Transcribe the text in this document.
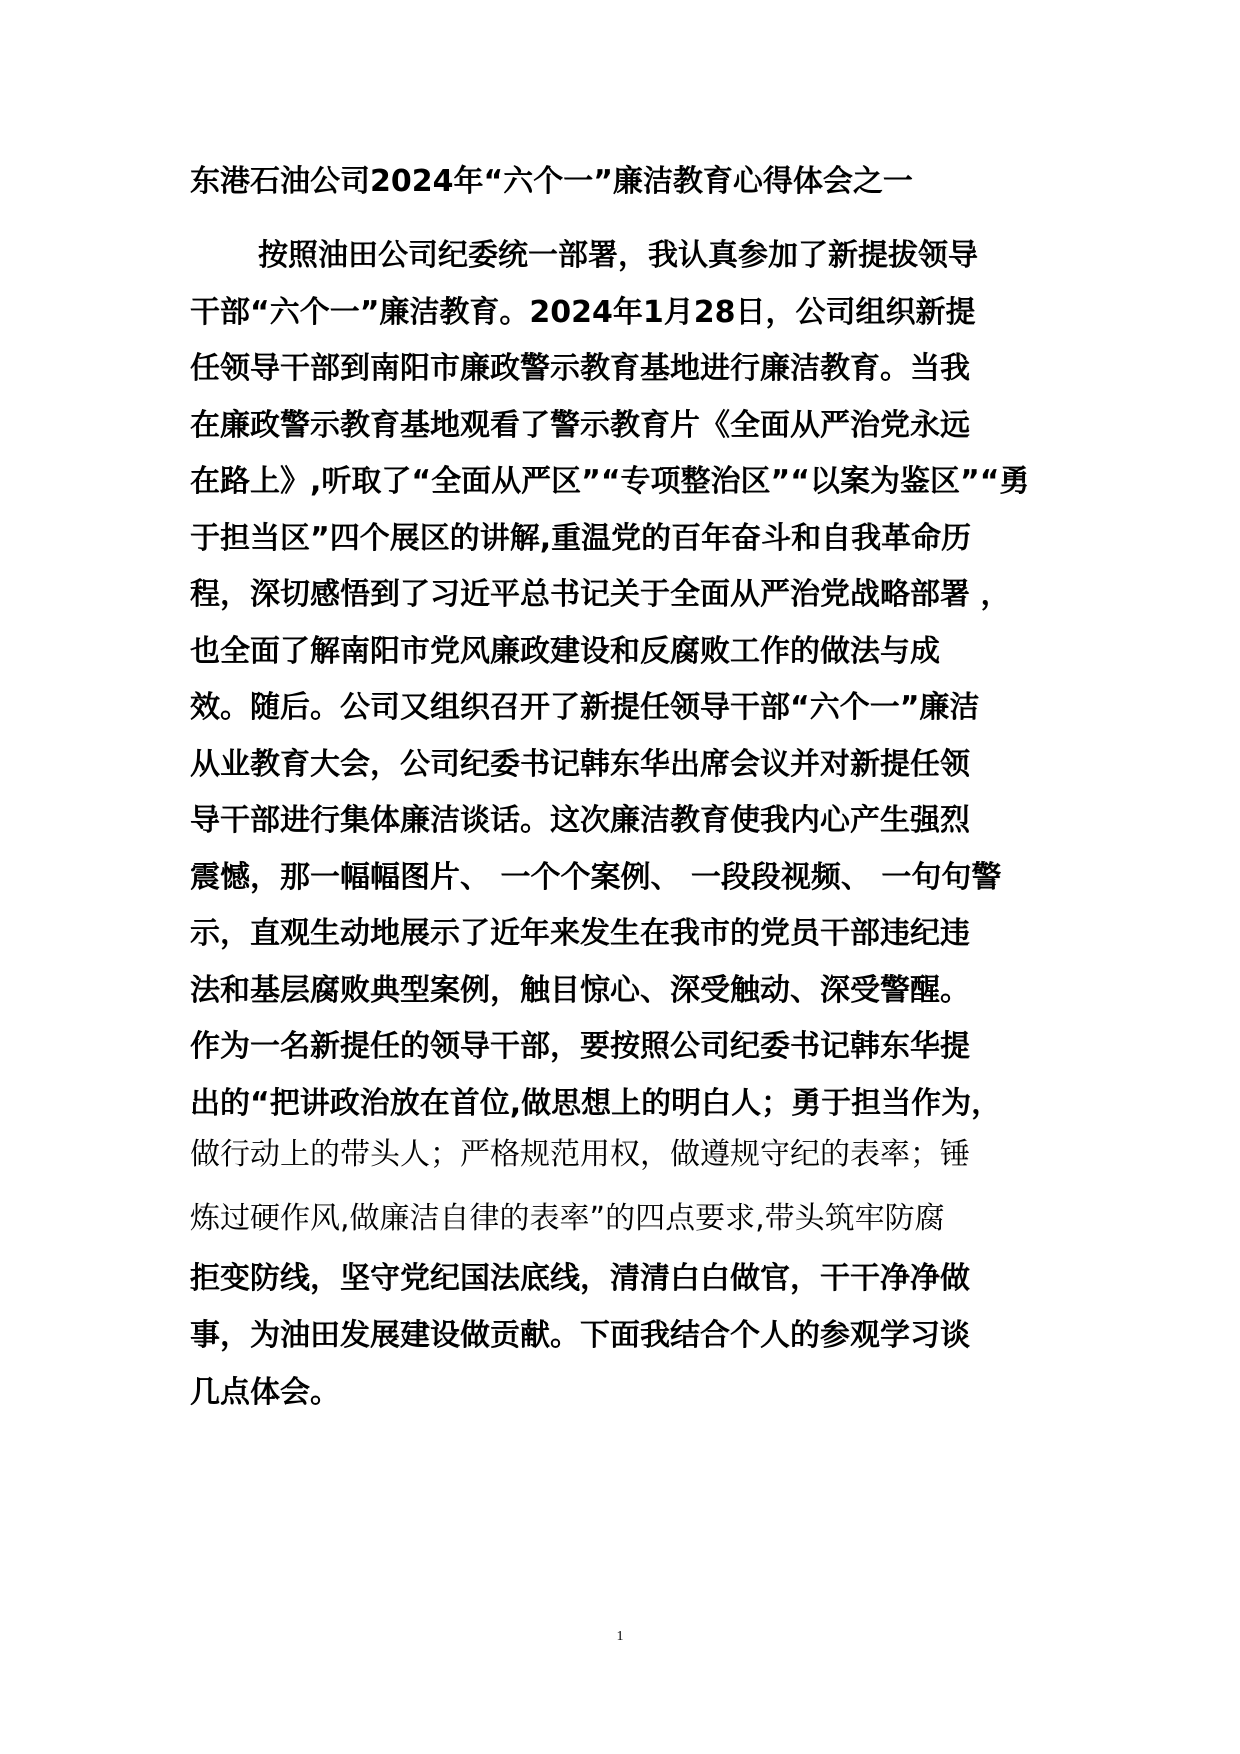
东港石油公司2024年“六个一”廉洁教育心得体会之一
按照油田公司纪委统一部署，我认真参加了新提拔领导
干部“六个一”廉洁教育。2024年1月28日，公司组织新提
任领导干部到南阳市廉政警示教育基地进行廉洁教育。当我
在廉政警示教育基地观看了警示教育片《全面从严治党永远
在路上》,听取了“全面从严区”“专项整治区”“以案为鉴区”“勇
于担当区”四个展区的讲解,重温党的百年奋斗和自我革命历
程，深切感悟到了习近平总书记关于全面从严治党战略部署 ，
也全面了解南阳市党风廉政建设和反腐败工作的做法与成
效。随后。公司又组织召开了新提任领导干部“六个一”廉洁
从业教育大会，公司纪委书记韩东华出席会议并对新提任领
导干部进行集体廉洁谈话。这次廉洁教育使我内心产生强烈
震憾，那一幅幅图片、 一个个案例、 一段段视频、 一句句警
示，直观生动地展示了近年来发生在我市的党员干部违纪违
法和基层腐败典型案例，触目惊心、深受触动、深受警醒。
作为一名新提任的领导干部，要按照公司纪委书记韩东华提
出的“把讲政治放在首位,做思想上的明白人；勇于担当作为，
做行动上的带头人；严格规范用权，做遵规守纪的表率；锤
炼过硬作风,做廉洁自律的表率”的四点要求,带头筑牢防腐
拒变防线，坚守党纪国法底线，清清白白做官，干干净净做
事，为油田发展建设做贡献。下面我结合个人的参观学习谈
几点体会。
1
